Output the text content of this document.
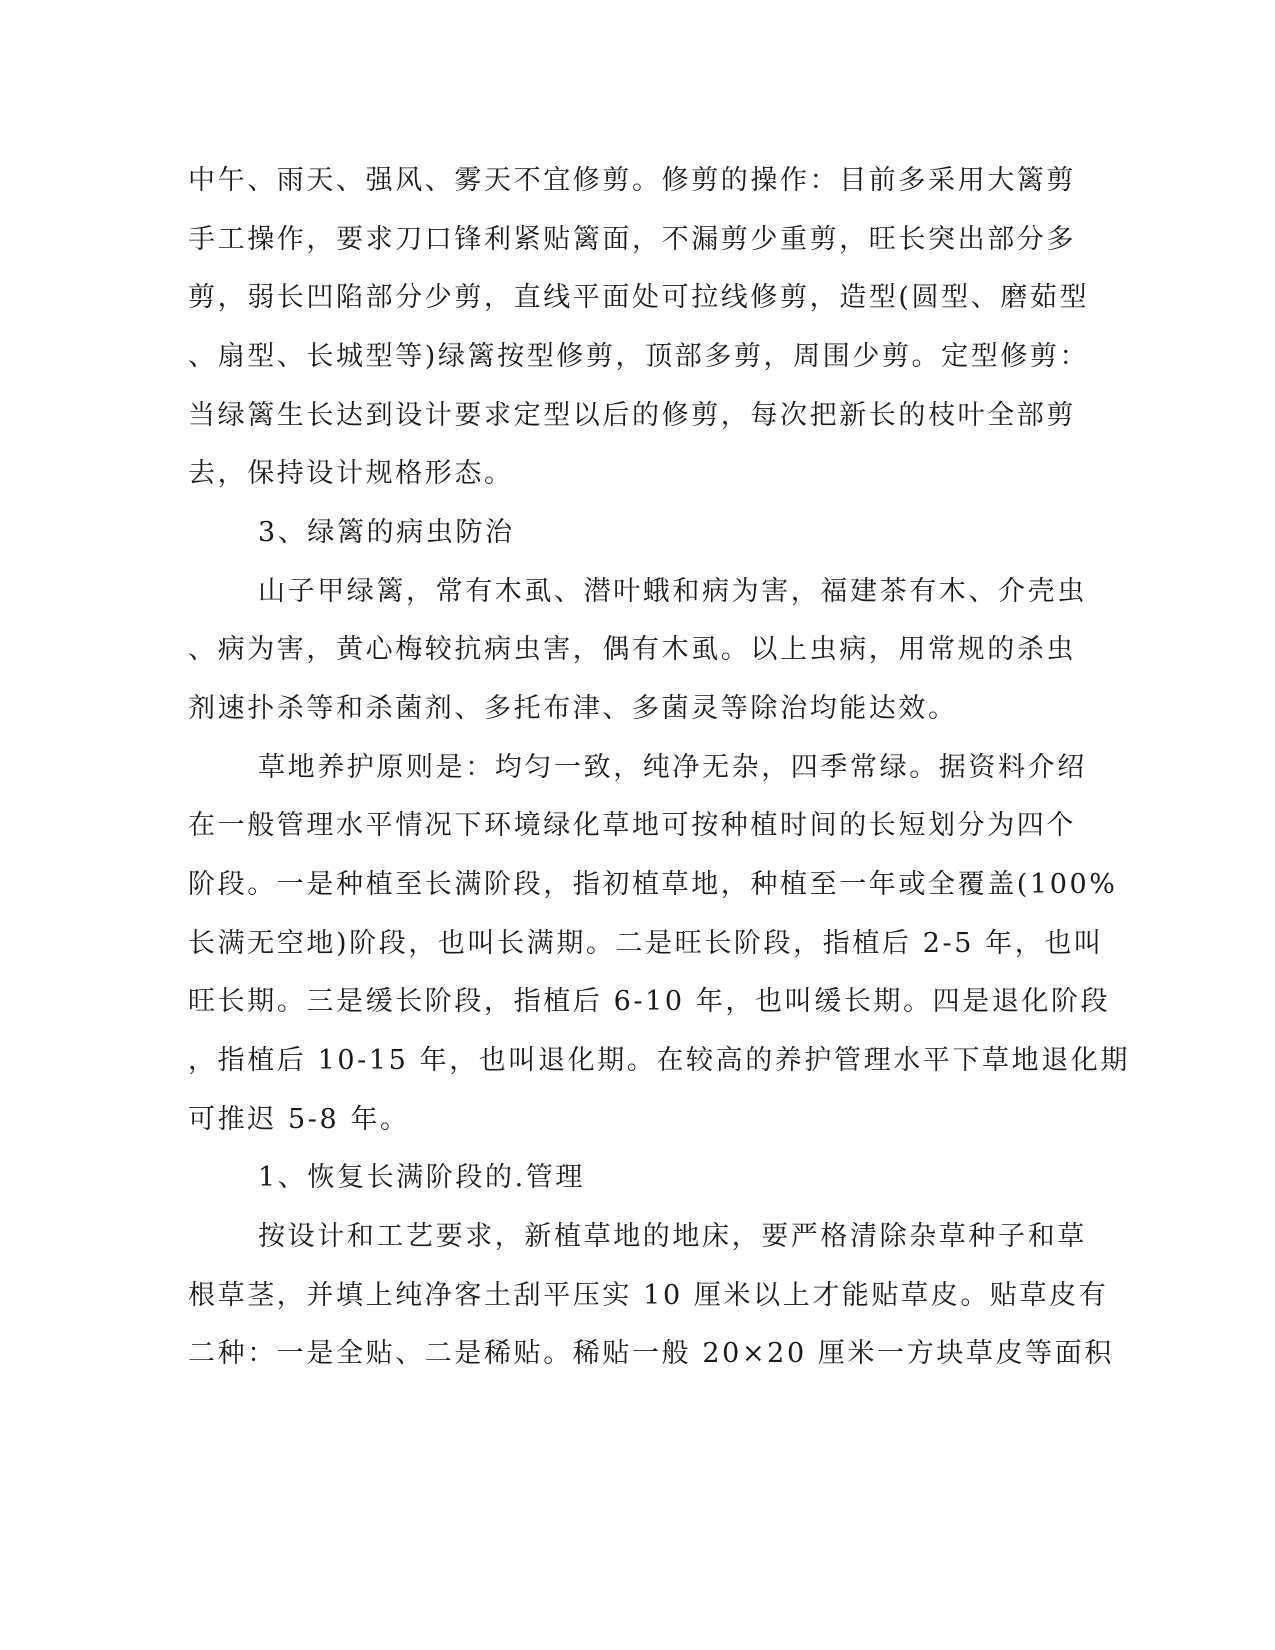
中午、雨天、强风、雾天不宜修剪。修剪的操作：目前多采用大篱剪
手工操作，要求刀口锋利紧贴篱面，不漏剪少重剪，旺长突出部分多
剪，弱长凹陷部分少剪，直线平面处可拉线修剪，造型(圆型、磨茹型
、扇型、长城型等)绿篱按型修剪，顶部多剪，周围少剪。定型修剪：
当绿篱生长达到设计要求定型以后的修剪，每次把新长的枝叶全部剪
去，保持设计规格形态。
3、绿篱的病虫防治
山子甲绿篱，常有木虱、潜叶蛾和病为害，福建茶有木、介壳虫
、病为害，黄心梅较抗病虫害，偶有木虱。以上虫病，用常规的杀虫
剂速扑杀等和杀菌剂、多托布津、多菌灵等除治均能达效。
草地养护原则是：均匀一致，纯净无杂，四季常绿。据资料介绍
在一般管理水平情况下环境绿化草地可按种植时间的长短划分为四个
阶段。一是种植至长满阶段，指初植草地，种植至一年或全覆盖(100%
长满无空地)阶段，也叫长满期。二是旺长阶段，指植后 2-5 年，也叫
旺长期。三是缓长阶段，指植后 6-10 年，也叫缓长期。四是退化阶段
，指植后 10-15 年，也叫退化期。在较高的养护管理水平下草地退化期
可推迟 5-8 年。
1、恢复长满阶段的.管理
按设计和工艺要求，新植草地的地床，要严格清除杂草种子和草
根草茎，并填上纯净客土刮平压实 10 厘米以上才能贴草皮。贴草皮有
二种：一是全贴、二是稀贴。稀贴一般 20×20 厘米一方块草皮等面积
